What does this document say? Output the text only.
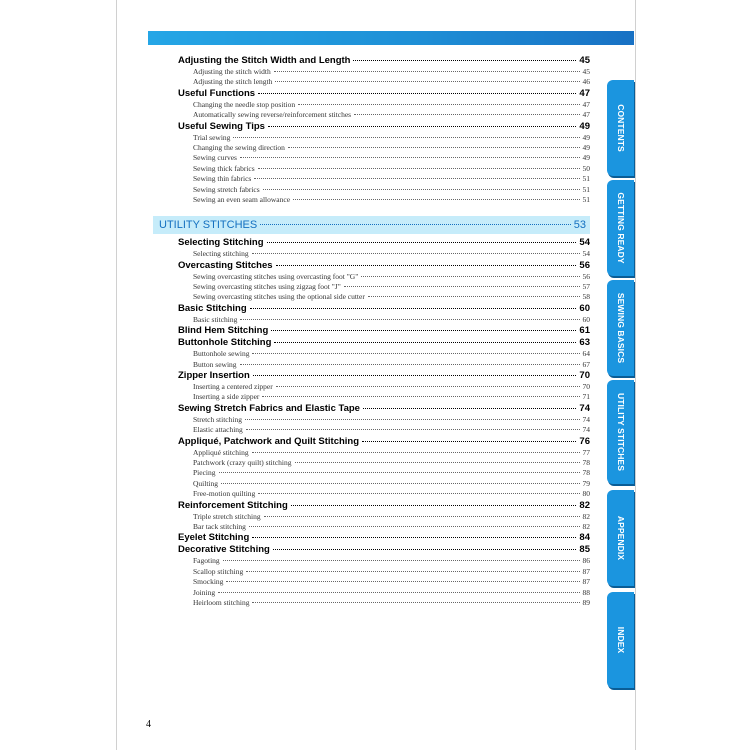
Adjusting the Stitch Width and Length	45
Adjusting the stitch width	45
Adjusting the stitch length	46
Useful Functions	47
Changing the needle stop position	47
Automatically sewing reverse/reinforcement stitches	47
Useful Sewing Tips	49
Trial sewing	49
Changing the sewing direction	49
Sewing curves	49
Sewing thick fabrics	50
Sewing thin fabrics	51
Sewing stretch fabrics	51
Sewing an even seam allowance	51
UTILITY STITCHES	53
Selecting Stitching	54
Selecting stitching	54
Overcasting Stitches	56
Sewing overcasting stitches using overcasting foot "G"	56
Sewing overcasting stitches using zigzag foot "J"	57
Sewing overcasting stitches using the optional side cutter	58
Basic Stitching	60
Basic stitching	60
Blind Hem Stitching	61
Buttonhole Stitching	63
Buttonhole sewing	64
Button sewing	67
Zipper Insertion	70
Inserting a centered zipper	70
Inserting a side zipper	71
Sewing Stretch Fabrics and Elastic Tape	74
Stretch stitching	74
Elastic attaching	74
Appliqué, Patchwork and Quilt Stitching	76
Appliqué stitching	77
Patchwork (crazy quilt) stitching	78
Piecing	78
Quilting	79
Free-motion quilting	80
Reinforcement Stitching	82
Triple stretch stitching	82
Bar tack stitching	82
Eyelet Stitching	84
Decorative Stitching	85
Fagoting	86
Scallop stitching	87
Smocking	87
Joining	88
Heirloom stitching	89
CONTENTS
GETTING READY
SEWING BASICS
UTILITY STITCHES
APPENDIX
INDEX
4
